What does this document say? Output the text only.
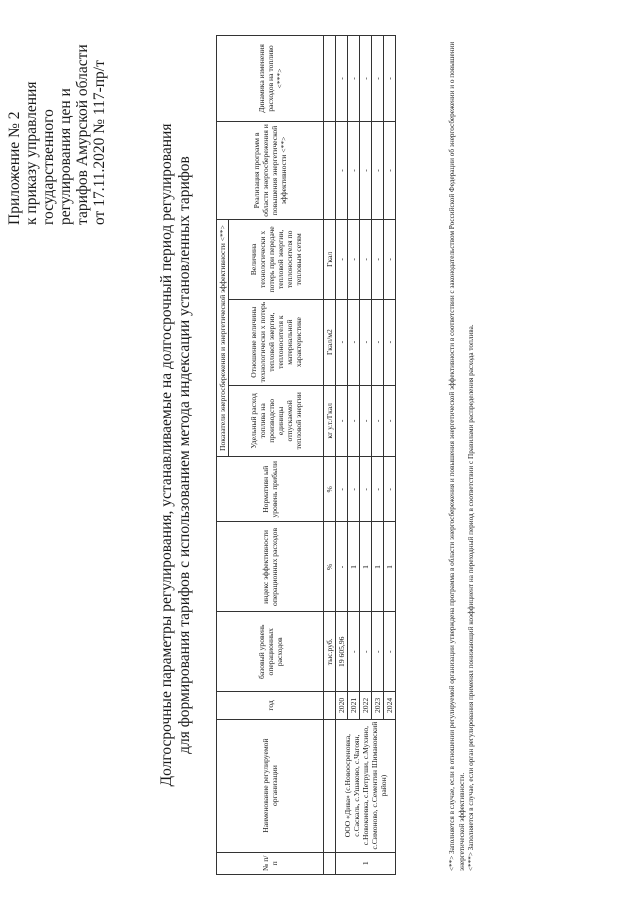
Приложение № 2 к приказу управления государственного регулирования цен и тарифов Амурской области от 17.11.2020 № 117-пр/т	Долгосрочные параметры регулирования, устанавливаемые на долгосрочный период регулирования для формирования тарифов с использованием метода индексации установленных тарифов
№ п/ п	Наименование регулируемой организации	год	базовый уровень операционных расходов	индекс эффективности операционных расходов	Нормативн ый уровень прибыли	Показатели энергосбережения и энергетической эффективности <**>			Реализация программ в области энергосбережения и повышения энергетической эффективности <**>	Динамика изменения расходов на топливо <***>
						Удельный расход топлива на производство единицы отпускаемой тепловой энергии	Отношение величины технологически х потерь тепловой энергии, теплоносителя к материальной характеристике	Величина технологически х потерь при передаче тепловой энергии, теплоносителя по тепловым сетям		
			тыс.руб.	%	%	кг у.т./Гкал	Гкал/м2	Гкал		
1	ООО «Дива» (с.Новоосреновка, с.Саскаль, с.Ушаково, с.Чагоян, с.Новокиевка, с.Петруши, с.Мухино, с.Симоново, с.Сементин Шимановский район)	2020	19 605,96	-	-	-	-	-	-	-
		2021	-	1	-	-	-	-	-	-
		2022	-	1	-	-	-	-	-	-
		2023	-	1	-	-	-	-	-	-
		2024	-	1	-	-	-	-	-	-	<**> Заполняется в случае, если в отношении регулируемой организации утверждена программа в области энергосбережения и повышения энергетической эффективности в соответствии с законодательством Российской Федерации об энергосбережении и о повышении энергетической эффективности. <***> Заполняется в случае, если орган регулирования применял понижающий коэффициент на переходный период в соответствии с Правилами распределения расхода топлива.
